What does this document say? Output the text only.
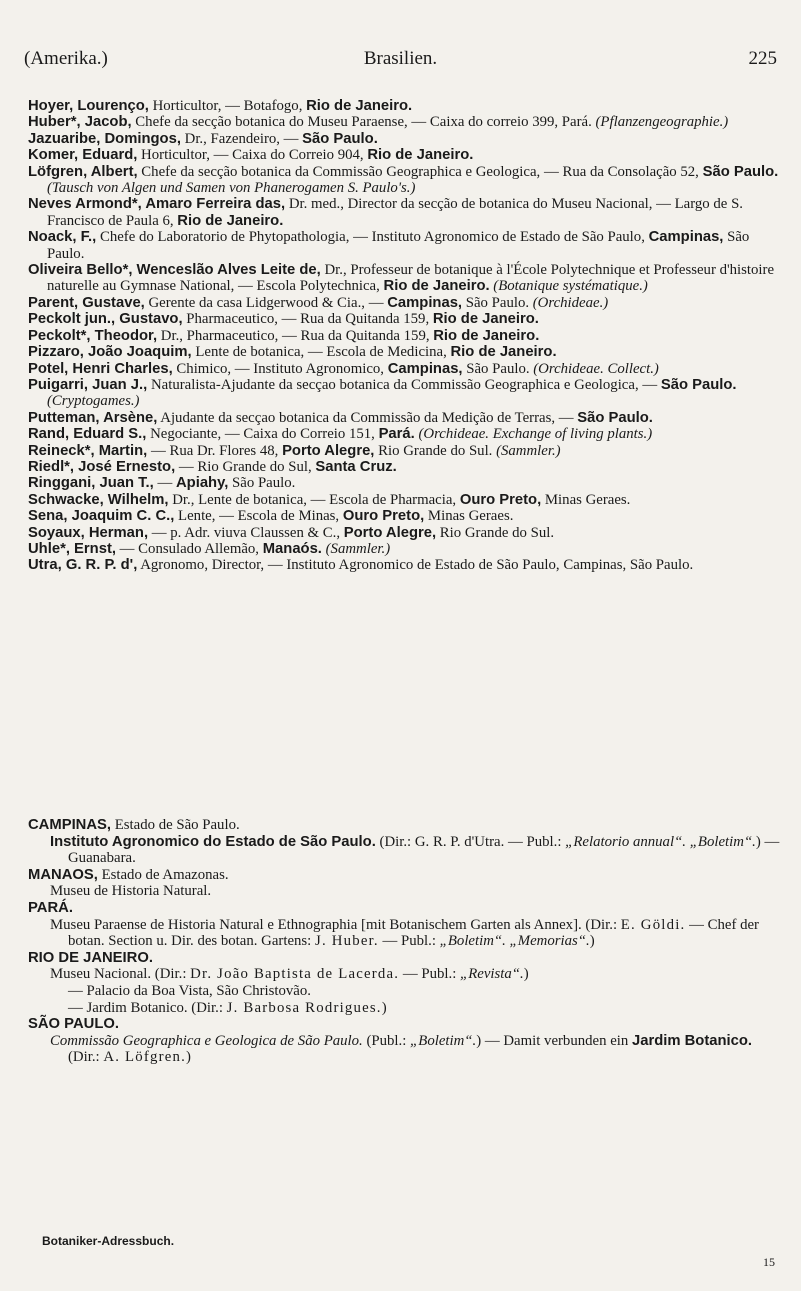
(Amerika.)	Brasilien.	225

Hoyer, Lourenço, Horticultor, — Botafogo, Rio de Janeiro.

Huber*, Jacob, Chefe da secção botanica do Museu Paraense, — Caixa do correio 399, Pará. (Pflanzengeographie.)

Jazuaribe, Domingos, Dr., Fazendeiro, — São Paulo.

Komer, Eduard, Horticultor, — Caixa do Correio 904, Rio de Janeiro.

Löfgren, Albert, Chefe da secção botanica da Commissão Geographica e Geologica, — Rua da Consolação 52, São Paulo. (Tausch von Algen und Samen von Phanerogamen S. Paulo's.)

Neves Armond*, Amaro Ferreira das, Dr. med., Director da secção de botanica do Museu Nacional, — Largo de S. Francisco de Paula 6, Rio de Janeiro.

Noack, F., Chefe do Laboratorio de Phytopathologia, — Instituto Agronomico de Estado de São Paulo, Campinas, São Paulo.

Oliveira Bello*, Wenceslão Alves Leite de, Dr., Professeur de botanique à l'École Polytechnique et Professeur d'histoire naturelle au Gymnase National, — Escola Polytechnica, Rio de Janeiro. (Botanique systématique.)

Parent, Gustave, Gerente da casa Lidgerwood & Cia., — Campinas, São Paulo. (Orchideae.)

Peckolt jun., Gustavo, Pharmaceutico, — Rua da Quitanda 159, Rio de Janeiro.

Peckolt*, Theodor, Dr., Pharmaceutico, — Rua da Quitanda 159, Rio de Janeiro.

Pizzaro, João Joaquim, Lente de botanica, — Escola de Medicina, Rio de Janeiro.

Potel, Henri Charles, Chimico, — Instituto Agronomico, Campinas, São Paulo. (Orchideae. Collect.)

Puigarri, Juan J., Naturalista-Ajudante da secçao botanica da Commissão Geographica e Geologica, — São Paulo. (Cryptogames.)

Putteman, Arsène, Ajudante da secçao botanica da Commissão da Medição de Terras, — São Paulo.

Rand, Eduard S., Negociante, — Caixa do Correio 151, Pará. (Orchideae. Exchange of living plants.)

Reineck*, Martin, — Rua Dr. Flores 48, Porto Alegre, Rio Grande do Sul. (Sammler.)

Riedl*, José Ernesto, — Rio Grande do Sul, Santa Cruz.

Ringgani, Juan T., — Apiahy, São Paulo.

Schwacke, Wilhelm, Dr., Lente de botanica, — Escola de Pharmacia, Ouro Preto, Minas Geraes.

Sena, Joaquim C. C., Lente, — Escola de Minas, Ouro Preto, Minas Geraes.

Soyaux, Herman, — p. Adr. viuva Claussen & C., Porto Alegre, Rio Grande do Sul.

Uhle*, Ernst, — Consulado Allemão, Manaós. (Sammler.)

Utra, G. R. P. d', Agronomo, Director, — Instituto Agronomico de Estado de São Paulo, Campinas, São Paulo.

CAMPINAS, Estado de São Paulo.

Instituto Agronomico do Estado de São Paulo. (Dir.: G. R. P. d'Utra. — Publ.: „Relatorio annual“. „Boletim“.) — Guanabara.

MANAOS, Estado de Amazonas.

Museu de Historia Natural.

PARÁ.

Museu Paraense de Historia Natural e Ethnographia [mit Botanischem Garten als Annex]. (Dir.: E. Göldi. — Chef der botan. Section u. Dir. des botan. Gartens: J. Huber. — Publ.: „Boletim“. „Memorias“.)

RIO DE JANEIRO.

Museu Nacional. (Dir.: Dr. João Baptista de Lacerda. — Publ.: „Revista“.)

— Palacio da Boa Vista, São Christovão.

— Jardim Botanico. (Dir.: J. Barbosa Rodrigues.)

SÃO PAULO.

Commissão Geographica e Geologica de São Paulo. (Publ.: „Boletim“.) — Damit verbunden ein Jardim Botanico. (Dir.: A. Löfgren.)

Botaniker-Adressbuch.
15
